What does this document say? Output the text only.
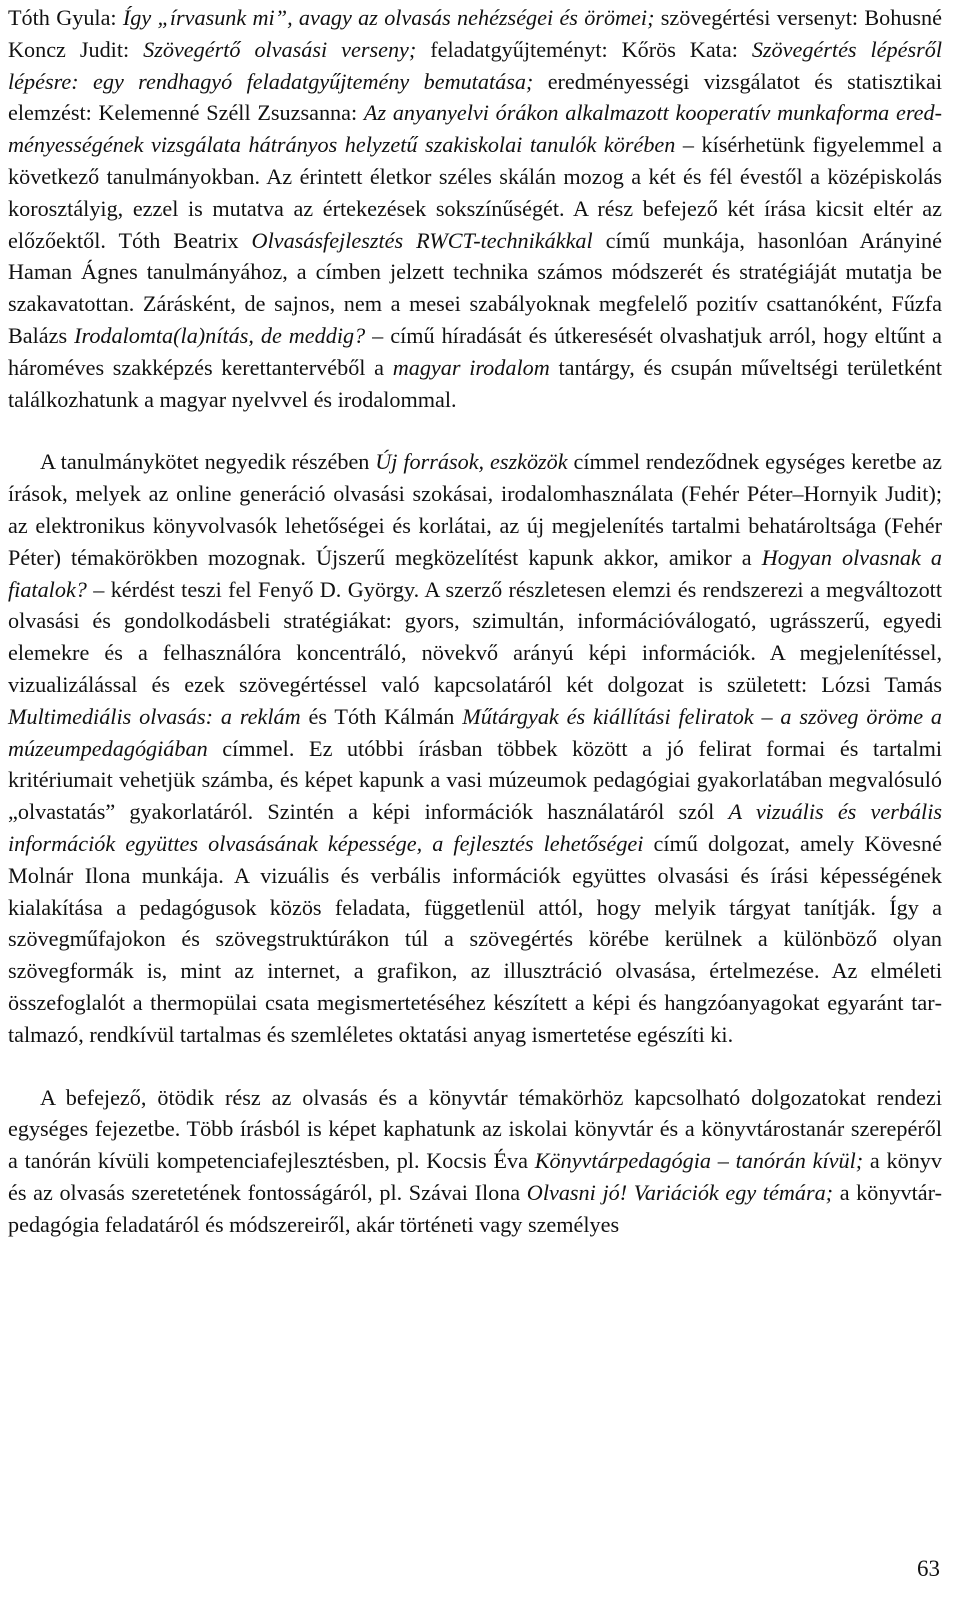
Tóth Gyula: Így „írvasunk mi”, avagy az olvasás nehézségei és örömei; szövegértési versenyt: Bohusné Koncz Judit: Szövegértő olvasási verseny; feladatgyűjteményt: Kőrös Kata: Szövegértés lépésről lépésre: egy rendhagyó feladatgyűjtemény bemutatása; eredményességi vizsgálatot és statisztikai elemzést: Kelemenné Széll Zsuzsanna: Az anyanyelvi órákon alkalmazott kooperatív munkaforma eredményességének vizsgálata hátrányos helyzetű szakiskolai tanulók körében – kísérhetünk figyelemmel a következő tanulmányokban. Az érintett életkor széles skálán mozog a két és fél évestől a középiskolás korosztályig, ezzel is mutatva az értekezések sokszínűségét. A rész befejező két írása kicsit eltér az előzőektől. Tóth Beatrix Olvasásfejlesztés RWCT-technikákkal című munkája, hasonlóan Arányiné Haman Ágnes tanulmányához, a címben jelzett technika számos módszerét és stratégiáját mutatja be szakavatottan. Zárásként, de sajnos, nem a mesei szabályoknak megfelelő pozitív csattanóként, Fűzfa Balázs Irodalomta(la)nítás, de meddig? – című híradását és útkeresését olvashatjuk arról, hogy eltűnt a hároméves szakképzés kerettantervéből a magyar irodalom tantárgy, és csupán műveltségi területként találkozhatunk a magyar nyelvvel és irodalommal.

A tanulmánykötet negyedik részében Új források, eszközök címmel rendeződnek egységes keretbe az írások, melyek az online generáció olvasási szokásai, irodalomhasználata (Fehér Péter–Hornyik Judit); az elektronikus könyvolvasók lehetőségei és korlátai, az új megjelenítés tartalmi behatároltsága (Fehér Péter) témakörökben mozognak. Újszerű megközelítést kapunk akkor, amikor a Hogyan olvasnak a fiatalok? – kérdést teszi fel Fenyő D. György. A szerző részletesen elemzi és rendszerezi a megváltozott olvasási és gondolkodásbeli stratégiákat: gyors, szimultán, információválogató, ugrásszerű, egyedi elemekre és a felhasználóra koncentráló, növekvő arányú képi információk. A megjelenítéssel, vizualizálással és ezek szövegértéssel való kapcsolatáról két dolgozat is született: Lózsi Tamás Multimediális olvasás: a reklám és Tóth Kálmán Műtárgyak és kiállítási feliratok – a szöveg öröme a múzeumpedagógiában címmel. Ez utóbbi írásban többek között a jó felirat formai és tartalmi kritériumait vehetjük számba, és képet kapunk a vasi múzeumok pedagógiai gyakorlatában megvalósuló „olvastatás” gyakorlatáról. Szintén a képi információk használatáról szól A vizuális és verbális információk együttes olvasásának képessége, a fejlesztés lehetőségei című dolgozat, amely Kövesné Molnár Ilona munkája. A vizuális és verbális információk együttes olvasási és írási képességének kialakítása a pedagógusok közös feladata, függetlenül attól, hogy melyik tárgyat tanítják. Így a szövegműfajokon és szövegstruktúrákon túl a szövegértés körébe kerülnek a különböző olyan szövegformák is, mint az internet, a grafikon, az illusztráció olvasása, értelmezése. Az elméleti összefoglalót a thermopülai csata megismertetéséhez készített a képi és hangzóanyagokat egyaránt tartalmazó, rendkívül tartalmas és szemléletes oktatási anyag ismertetése egészíti ki.

A befejező, ötödik rész az olvasás és a könyvtár témakörhöz kapcsolható dolgozatokat rendezi egységes fejezetbe. Több írásból is képet kaphatunk az iskolai könyvtár és a könyvtárostanár szerepéről a tanórán kívüli kompetenciafejlesztésben, pl. Kocsis Éva Könyvtárpedagógia – tanórán kívül; a könyv és az olvasás szeretetének fontosságáról, pl. Szávai Ilona Olvasni jó! Variációk egy témára; a könyvtár-pedagógia feladatáról és módszereiről, akár történeti vagy személyes

63
